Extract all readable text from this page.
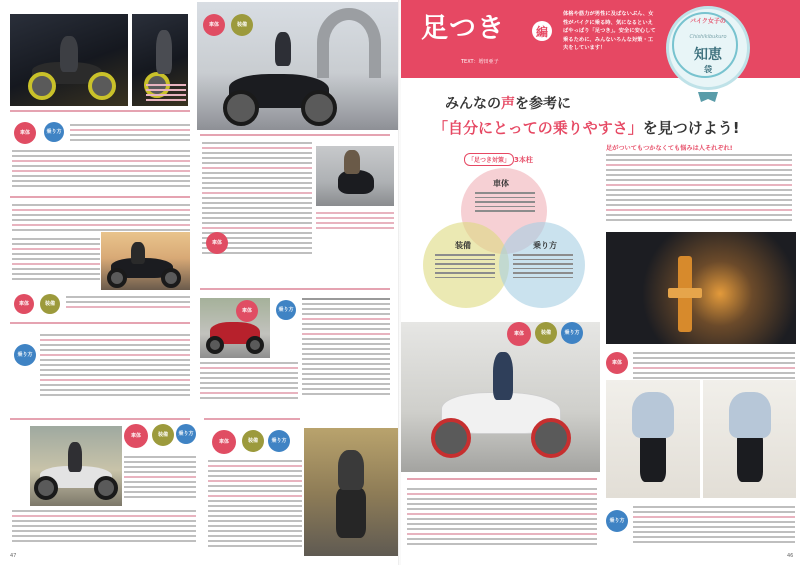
車体	装備
車体	乗り方
車体	装備
乗り方
車体
車体	乗り方
車体	装備 乗り方
車体	装備	乗り方
47
足つき	編
TEXT：増田亜子
体格や筋力が男性に及ばないぶん、女性がバイクに乗る時、気になるといえばやっぱり「足つき」。安全に安心して乗るために、みんないろんな対策・工夫をしています！
バイク女子の
Chishikibukuro
知恵
袋
みんなの声を参考に
「自分にとっての乗りやすさ」を見つけよう!
「足つき対策」 3本柱
車体
装備	乗り方
足がついてもつかなくても悩みは人それぞれ!
車体
乗り方
車体	装備	乗り方
46
